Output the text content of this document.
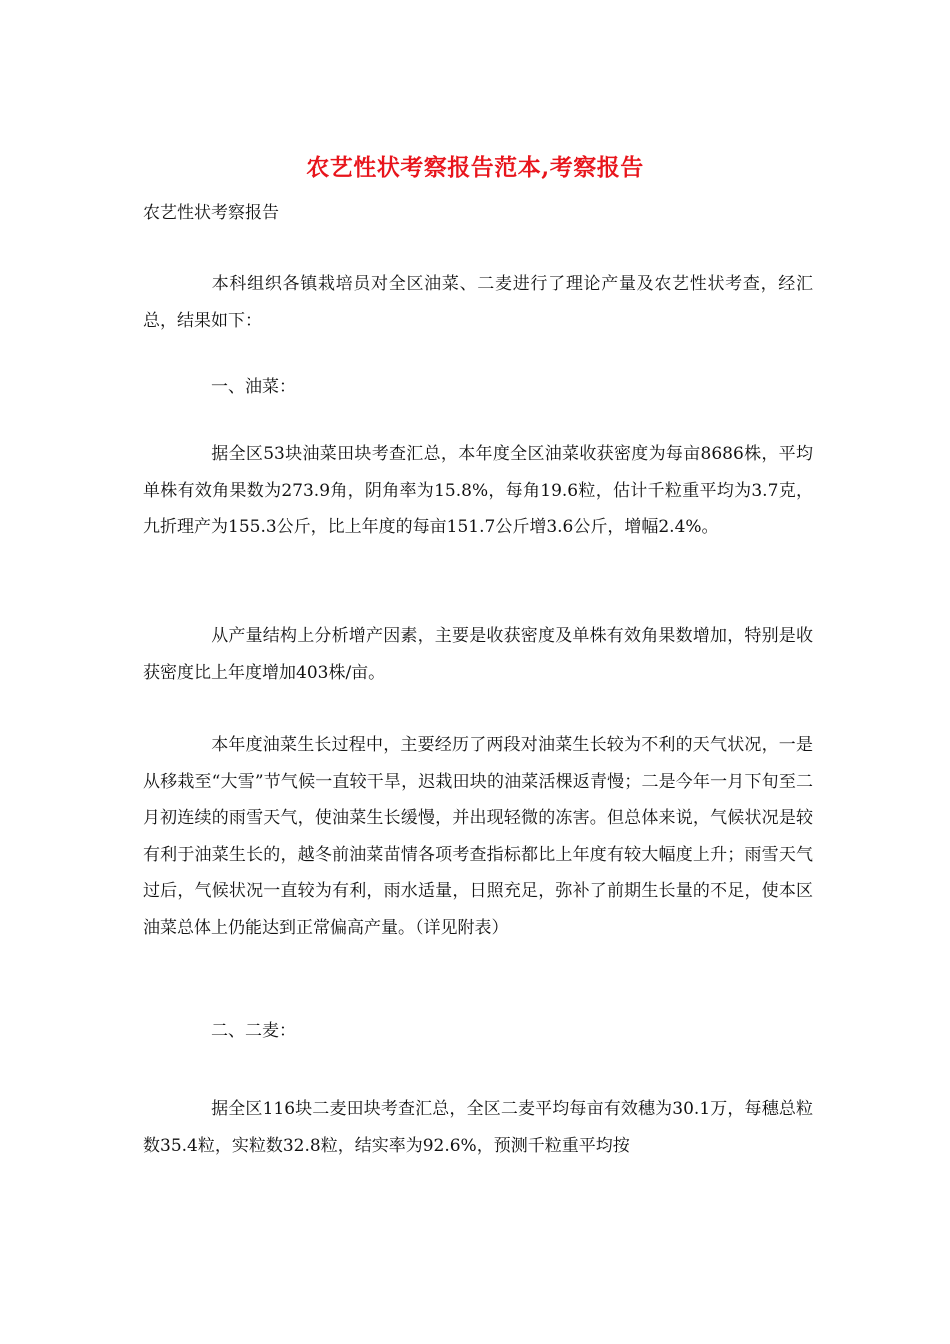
农艺性状考察报告范本,考察报告
农艺性状考察报告
本科组织各镇栽培员对全区油菜、二麦进行了理论产量及农艺性状考查，经汇总，结果如下：
一、油菜：
据全区53块油菜田块考查汇总，本年度全区油菜收获密度为每亩8686株，平均单株有效角果数为273.9角，阴角率为15.8%，每角19.6粒，估计千粒重平均为3.7克，九折理产为155.3公斤，比上年度的每亩151.7公斤增3.6公斤，增幅2.4%。
从产量结构上分析增产因素，主要是收获密度及单株有效角果数增加，特别是收获密度比上年度增加403株/亩。
本年度油菜生长过程中，主要经历了两段对油菜生长较为不利的天气状况，一是从移栽至“大雪”节气候一直较干旱，迟栽田块的油菜活棵返青慢；二是今年一月下旬至二月初连续的雨雪天气，使油菜生长缓慢，并出现轻微的冻害。但总体来说，气候状况是较有利于油菜生长的，越冬前油菜苗情各项考查指标都比上年度有较大幅度上升；雨雪天气过后，气候状况一直较为有利，雨水适量，日照充足，弥补了前期生长量的不足，使本区油菜总体上仍能达到正常偏高产量。（详见附表）
二、二麦：
据全区116块二麦田块考查汇总，全区二麦平均每亩有效穗为30.1万，每穗总粒数35.4粒，实粒数32.8粒，结实率为92.6%，预测千粒重平均按
